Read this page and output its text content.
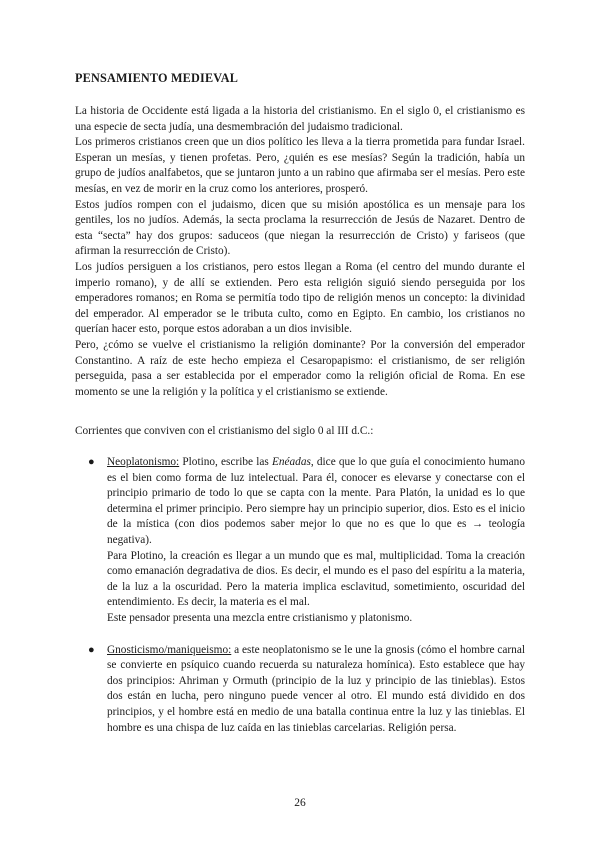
PENSAMIENTO MEDIEVAL

La historia de Occidente está ligada a la historia del cristianismo. En el siglo 0, el cristianismo es una especie de secta judía, una desmembración del judaismo tradicional.

Los primeros cristianos creen que un dios político les lleva a la tierra prometida para fundar Israel. Esperan un mesías, y tienen profetas. Pero, ¿quién es ese mesías? Según la tradición, había un grupo de judíos analfabetos, que se juntaron junto a un rabino que afirmaba ser el mesías. Pero este mesías, en vez de morir en la cruz como los anteriores, prosperó.

Estos judíos rompen con el judaismo, dicen que su misión apostólica es un mensaje para los gentiles, los no judíos. Además, la secta proclama la resurrección de Jesús de Nazaret. Dentro de esta “secta” hay dos grupos: saduceos (que niegan la resurrección de Cristo) y fariseos (que afirman la resurrección de Cristo).

Los judíos persiguen a los cristianos, pero estos llegan a Roma (el centro del mundo durante el imperio romano), y de allí se extienden. Pero esta religión siguió siendo perseguida por los emperadores romanos; en Roma se permitía todo tipo de religión menos un concepto: la divinidad del emperador. Al emperador se le tributa culto, como en Egipto. En cambio, los cristianos no querían hacer esto, porque estos adoraban a un dios invisible.

Pero, ¿cómo se vuelve el cristianismo la religión dominante? Por la conversión del emperador Constantino. A raíz de este hecho empieza el Cesaropapismo: el cristianismo, de ser religión perseguida, pasa a ser establecida por el emperador como la religión oficial de Roma. En ese momento se une la religión y la política y el cristianismo se extiende.

Corrientes que conviven con el cristianismo del siglo 0 al III d.C.:
● Neoplatonismo: Plotino, escribe las Enéadas, dice que lo que guía el conocimiento humano es el bien como forma de luz intelectual. Para él, conocer es elevarse y conectarse con el principio primario de todo lo que se capta con la mente. Para Platón, la unidad es lo que determina el primer principio. Pero siempre hay un principio superior, dios. Esto es el inicio de la mística (con dios podemos saber mejor lo que no es que lo que es → teología negativa).

Para Plotino, la creación es llegar a un mundo que es mal, multiplicidad. Toma la creación como emanación degradativa de dios. Es decir, el mundo es el paso del espíritu a la materia, de la luz a la oscuridad. Pero la materia implica esclavitud, sometimiento, oscuridad del entendimiento. Es decir, la materia es el mal.

Este pensador presenta una mezcla entre cristianismo y platonismo.

● Gnosticismo/maniqueismo: a este neoplatonismo se le une la gnosis (cómo el hombre carnal se convierte en psíquico cuando recuerda su naturaleza homínica). Esto establece que hay dos principios: Ahriman y Ormuth (principio de la luz y principio de las tinieblas). Estos dos están en lucha, pero ninguno puede vencer al otro. El mundo está dividido en dos principios, y el hombre está en medio de una batalla continua entre la luz y las tinieblas. El hombre es una chispa de luz caída en las tinieblas carcelarias. Religión persa.

26
